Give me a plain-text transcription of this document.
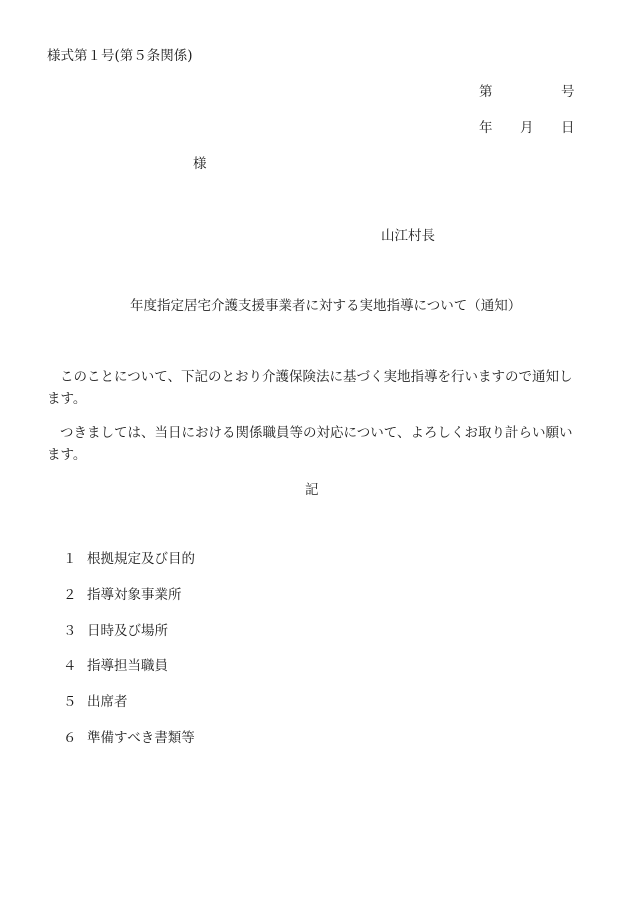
様式第１号(第５条関係)
第	号
年 月 日
様
山江村長
年度指定居宅介護支援事業者に対する実地指導について（通知）
このことについて、下記のとおり介護保険法に基づく実地指導を行いますので通知します。
つきましては、当日における関係職員等の対応について、よろしくお取り計らい願います。
記
１ 根拠規定及び目的
２ 指導対象事業所
３ 日時及び場所
４ 指導担当職員
５ 出席者
６ 準備すべき書類等
